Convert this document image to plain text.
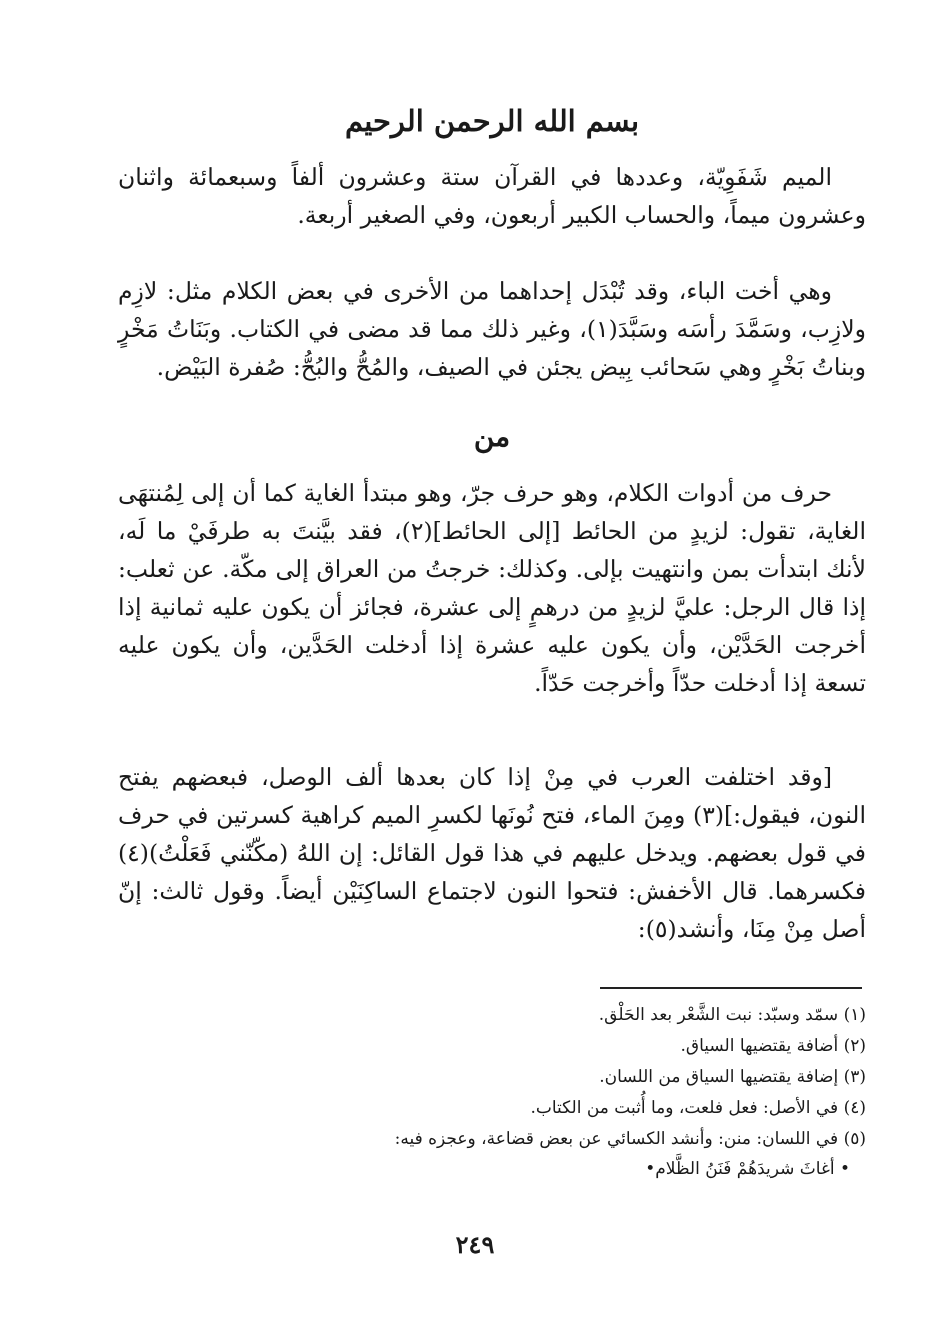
بسم الله الرحمن الرحيم

الميم شَفَوِيّة، وعددها في القرآن ستة وعشرون ألفاً وسبعمائة واثنان وعشرون ميماً، والحساب الكبير أربعون، وفي الصغير أربعة.

وهي أخت الباء، وقد تُبْدَل إحداهما من الأخرى في بعض الكلام مثل: لازِم ولازِب، وسَمَّدَ رأسَه وسَبَّدَ(١)، وغير ذلك مما قد مضى في الكتاب. وبَنَاتُ مَخْرٍ وبناتُ بَخْرٍ وهي سَحائب بِيض يجئن في الصيف، والمُحُّ والبُحُّ: صُفرة البَيْض.

من

حرف من أدوات الكلام، وهو حرف جرّ، وهو مبتدأ الغاية كما أن إلى لِمُنتهَى الغاية، تقول: لزيدٍ من الحائط [إلى الحائط](٢)، فقد بيَّنتَ به طرفَيْ ما لَه، لأنك ابتدأت بمن وانتهيت بإلى. وكذلك: خرجتُ من العراق إلى مكّة. عن ثعلب: إذا قال الرجل: عليَّ لزيدٍ من درهمٍ إلى عشرة، فجائز أن يكون عليه ثمانية إذا أخرجت الحَدَّيْن، وأن يكون عليه عشرة إذا أدخلت الحَدَّين، وأن يكون عليه تسعة إذا أدخلت حدّاً وأخرجت حَدّاً.

[وقد اختلفت العرب في مِنْ إذا كان بعدها ألف الوصل، فبعضهم يفتح النون، فيقول:](٣) ومِنَ الماء، فتح نُونَها لكسرِ الميم كراهية كسرتين في حرف في قول بعضهم. ويدخل عليهم في هذا قول القائل: إن اللهُ (مكّنّني فَعَلْتُ)(٤) فكسرهما. قال الأخفش: فتحوا النون لاجتماع الساكِنَيْن أيضاً. وقول ثالث: إنّ أصل مِنْ مِنَا، وأنشد(٥):

(١) سمّد وسبّد: نبت الشَّعْر بعد الحَلْق.

(٢) أضافة يقتضيها السياق.

(٣) إضافة يقتضيها السياق من اللسان.

(٤) في الأصل: فعل فلعت، وما أُثبت من الكتاب.

(٥) في اللسان: منن: وأنشد الكسائي عن بعض قضاعة، وعجزه فيه:

• أغاثَ شريدَهُمْ فَنَنُ الظَّلام•

٢٤٩
